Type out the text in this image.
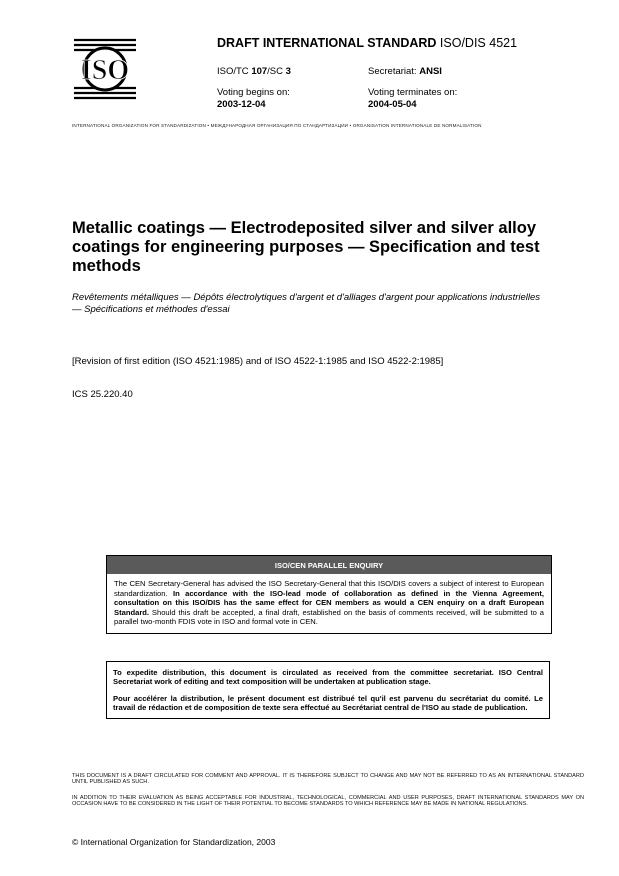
ISO
DRAFT INTERNATIONAL STANDARD ISO/DIS 4521
ISO/TC 107/SC 3	Secretariat: ANSI
Voting begins on:
2003-12-04
Voting terminates on:
2004-05-04
INTERNATIONAL ORGANIZATION FOR STANDARDIZATION • МЕЖДУНАРОДНАЯ ОРГАНИЗАЦИЯ ПО СТАНДАРТИЗАЦИИ • ORGANISATION INTERNATIONALE DE NORMALISATION
Metallic coatings — Electrodeposited silver and silver alloy coatings for engineering purposes — Specification and test methods
Revêtements métalliques — Dépôts électrolytiques d'argent et d'alliages d'argent pour applications industrielles — Spécifications et méthodes d'essai
[Revision of first edition (ISO 4521:1985) and of ISO 4522-1:1985 and ISO 4522-2:1985]
ICS 25.220.40
ISO/CEN PARALLEL ENQUIRY
The CEN Secretary-General has advised the ISO Secretary-General that this ISO/DIS covers a subject of interest to European standardization. In accordance with the ISO-lead mode of collaboration as defined in the Vienna Agreement, consultation on this ISO/DIS has the same effect for CEN members as would a CEN enquiry on a draft European Standard. Should this draft be accepted, a final draft, established on the basis of comments received, will be submitted to a parallel two-month FDIS vote in ISO and formal vote in CEN.

To expedite distribution, this document is circulated as received from the committee secretariat. ISO Central Secretariat work of editing and text composition will be undertaken at publication stage.

Pour accélérer la distribution, le présent document est distribué tel qu'il est parvenu du secrétariat du comité. Le travail de rédaction et de composition de texte sera effectué au Secrétariat central de l'ISO au stade de publication.

THIS DOCUMENT IS A DRAFT CIRCULATED FOR COMMENT AND APPROVAL. IT IS THEREFORE SUBJECT TO CHANGE AND MAY NOT BE REFERRED TO AS AN INTERNATIONAL STANDARD UNTIL PUBLISHED AS SUCH.
IN ADDITION TO THEIR EVALUATION AS BEING ACCEPTABLE FOR INDUSTRIAL, TECHNOLOGICAL, COMMERCIAL AND USER PURPOSES, DRAFT INTERNATIONAL STANDARDS MAY ON OCCASION HAVE TO BE CONSIDERED IN THE LIGHT OF THEIR POTENTIAL TO BECOME STANDARDS TO WHICH REFERENCE MAY BE MADE IN NATIONAL REGULATIONS.
© International Organization for Standardization, 2003
